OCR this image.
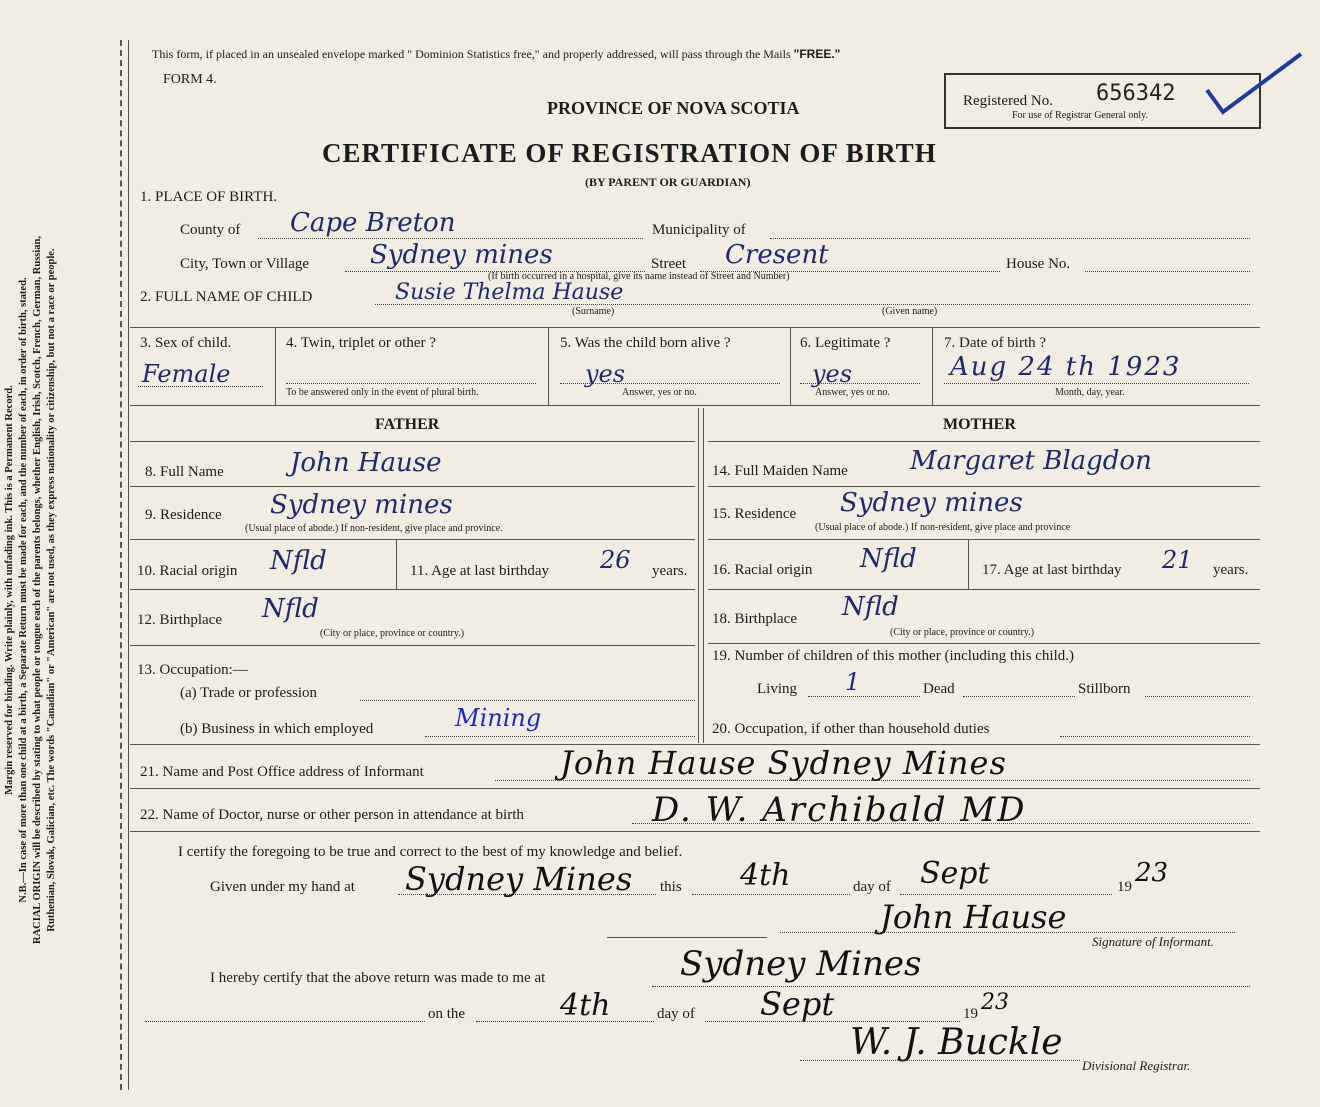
Margin reserved for binding. Write plainly, with unfading ink. This is a Permanent Record. N.B.—In case of more than one child at a birth, a Separate Return must be made for each, and the number of each, in order of birth, stated. RACIAL ORIGIN will be described by stating to what people or tongue each of the parents belongs, whether English, Irish, Scotch, French, German, Russian, Ruthenian, Slovak, Galician, etc. The words "Canadian" or "American" are not used, as they express nationality or citizenship, but not a race or people.
This form, if placed in an unsealed envelope marked " Dominion Statistics free," and properly addressed, will pass through the Mails "FREE."
FORM 4.
PROVINCE OF NOVA SCOTIA
CERTIFICATE OF REGISTRATION OF BIRTH
(BY PARENT OR GUARDIAN)
Registered No. 656342
For use of Registrar General only.
1. PLACE OF BIRTH.
County of Cape Breton	Municipality of
City, Town or Village Sydney mines	Street Cresent	House No.
(If birth occurred in a hospital, give its name instead of Street and Number)
2. FULL NAME OF CHILD	Susie Thelma Hause
(Surname)	(Given name)
3. Sex of child.
Female
4. Twin, triplet or other ?
To be answered only in the event of plural birth.
5. Was the child born alive ?
yes
Answer, yes or no.
6. Legitimate ?
yes
Answer, yes or no.
7. Date of birth ?
Aug 24 th 1923
Month, day, year.
FATHER	MOTHER
8. Full Name	John Hause
9. Residence Sydney mines
(Usual place of abode.) If non-resident, give place and province.
10. Racial origin Nfld	11. Age at last birthday 26 years.
12. Birthplace Nfld
(City or place, province or country.)
13. Occupation:—
(a) Trade or profession
(b) Business in which employed	Mining
14. Full Maiden Name Margaret Blagdon
15. Residence Sydney mines
(Usual place of abode.) If non-resident, give place and province
16. Racial origin Nfld	17. Age at last birthday 21 years.
18. Birthplace Nfld
(City or place, province or country.)
19. Number of children of this mother (including this child.)
Living 1	Dead	Stillborn
20. Occupation, if other than household duties
21. Name and Post Office address of Informant	John Hause Sydney Mines
22. Name of Doctor, nurse or other person in attendance at birth	D. W. Archibald MD
I certify the foregoing to be true and correct to the best of my knowledge and belief.
Given under my hand at Sydney Mines this 4th	day of Sept	19 23
John Hause
Signature of Informant.
I hereby certify that the above return was made to me at	Sydney Mines
on the	4th	day of Sept	19 23
W. J. Buckle
Divisional Registrar.
